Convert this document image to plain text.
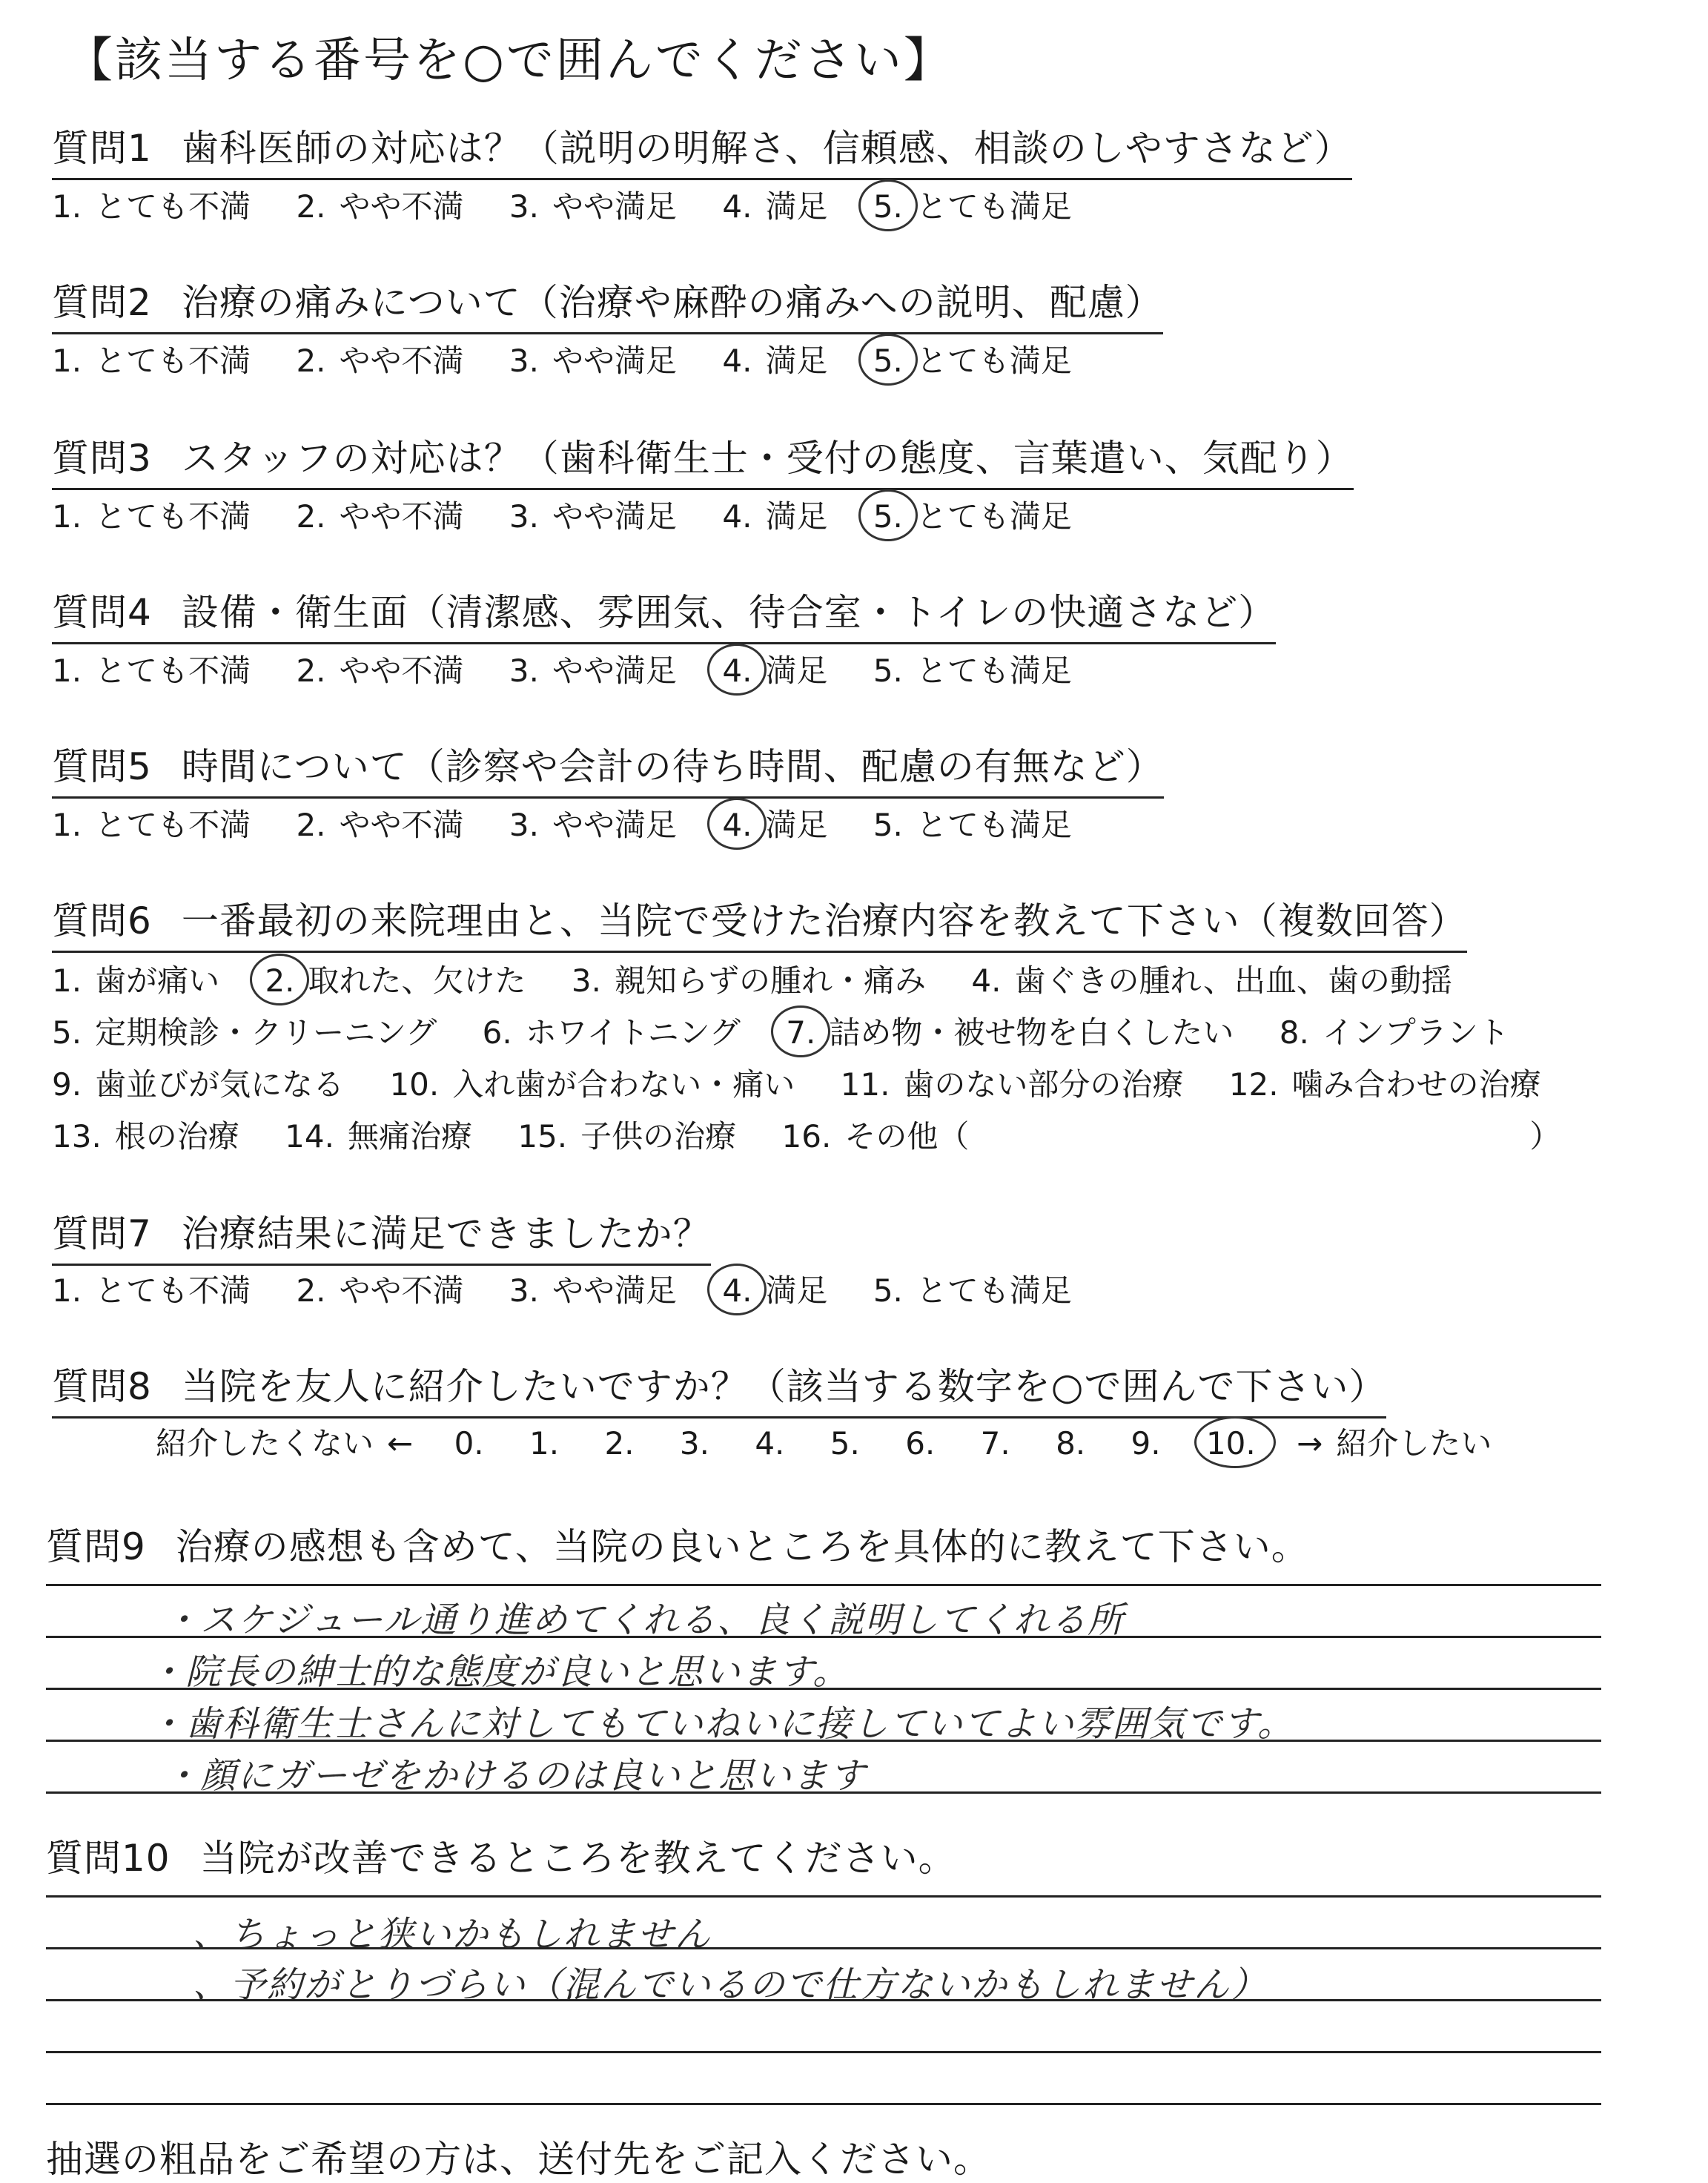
【該当する番号を○で囲んでください】
質問1 歯科医師の対応は？（説明の明解さ、信頼感、相談のしやすさなど）
1. とても不満 2. やや不満 3. やや満足 4. 満足 5. とても満足
質問2 治療の痛みについて（治療や麻酔の痛みへの説明、配慮）
1. とても不満 2. やや不満 3. やや満足 4. 満足 5. とても満足
質問3 スタッフの対応は？（歯科衛生士・受付の態度、言葉遣い、気配り）
1. とても不満 2. やや不満 3. やや満足 4. 満足 5. とても満足
質問4 設備・衛生面（清潔感、雰囲気、待合室・トイレの快適さなど）
1. とても不満 2. やや不満 3. やや満足 4. 満足 5. とても満足
質問5 時間について（診察や会計の待ち時間、配慮の有無など）
1. とても不満 2. やや不満 3. やや満足 4. 満足 5. とても満足
質問6 一番最初の来院理由と、当院で受けた治療内容を教えて下さい（複数回答）
1. 歯が痛い 2. 取れた、欠けた 3. 親知らずの腫れ・痛み 4. 歯ぐきの腫れ、出血、歯の動揺
5. 定期検診・クリーニング 6. ホワイトニング 7. 詰め物・被せ物を白くしたい 8. インプラント
9. 歯並びが気になる 10. 入れ歯が合わない・痛い 11. 歯のない部分の治療 12. 噛み合わせの治療
13. 根の治療 14. 無痛治療 15. 子供の治療 16. その他（　　　　　　　　　　　　　　　　　　）
質問7 治療結果に満足できましたか？
1. とても不満 2. やや不満 3. やや満足 4. 満足 5. とても満足
質問8 当院を友人に紹介したいですか？（該当する数字を○で囲んで下さい）
紹介したくない ← 0. 1. 2. 3. 4. 5. 6. 7. 8. 9. 10. → 紹介したい
質問9 治療の感想も含めて、当院の良いところを具体的に教えて下さい。
・スケジュール通り進めてくれる、良く説明してくれる所
・院長の紳士的な態度が良いと思います。
・歯科衛生士さんに対してもていねいに接していてよい雰囲気です。
・顔にガーゼをかけるのは良いと思います
質問10 当院が改善できるところを教えてください。
、ちょっと狭いかもしれません
、予約がとりづらい（混んでいるので仕方ないかもしれません）
抽選の粗品をご希望の方は、送付先をご記入ください。
